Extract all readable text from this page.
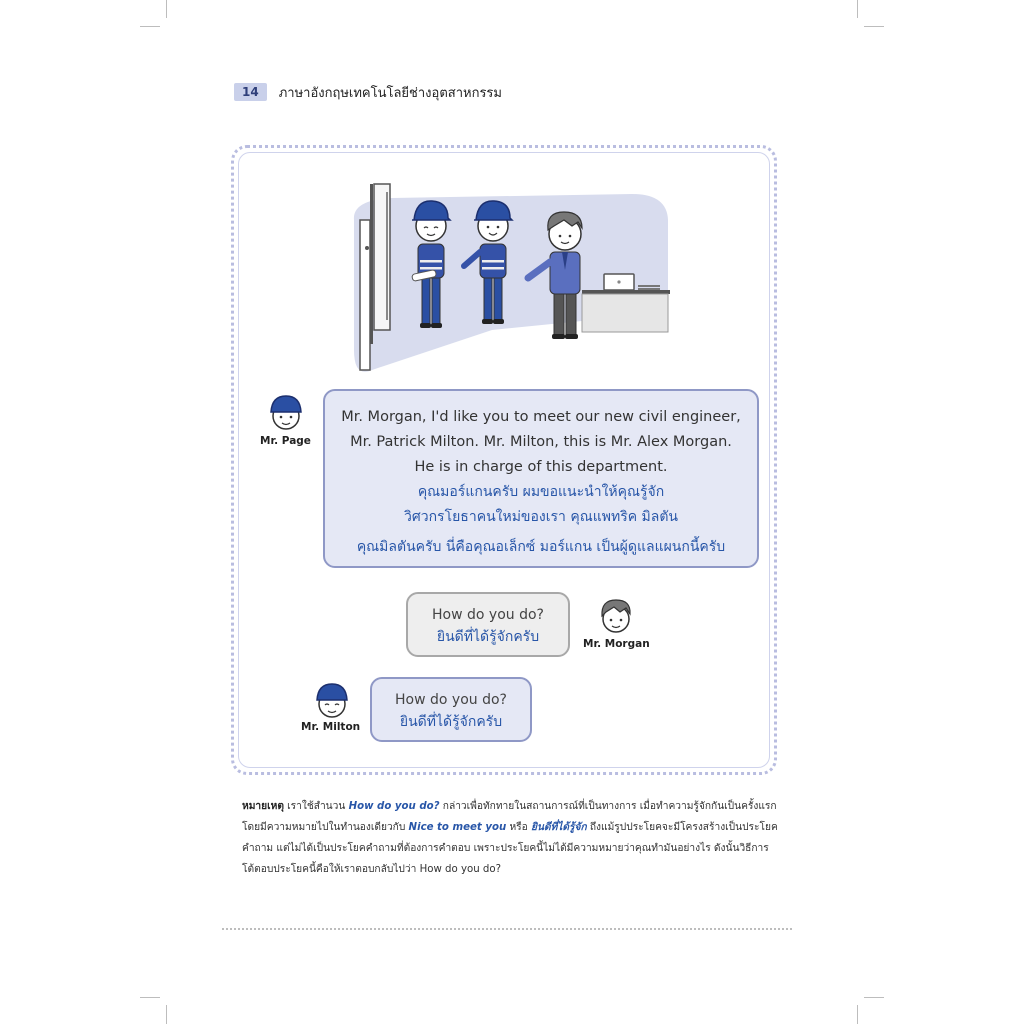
14	ภาษาอังกฤษเทคโนโลยีช่างอุตสาหกรรม
Mr. Page
Mr. Morgan, I'd like you to meet our new civil engineer,
Mr. Patrick Milton. Mr. Milton, this is Mr. Alex Morgan.
He is in charge of this department.
คุณมอร์แกนครับ ผมขอแนะนำให้คุณรู้จัก
วิศวกรโยธาคนใหม่ของเรา คุณแพทริค มิลตัน
คุณมิลตันครับ นี่คือคุณอเล็กซ์ มอร์แกน เป็นผู้ดูแลแผนกนี้ครับ
How do you do?
ยินดีที่ได้รู้จักครับ	Mr. Morgan
Mr. Milton
How do you do?
ยินดีที่ได้รู้จักครับ
หมายเหตุ เราใช้สำนวน How do you do? กล่าวเพื่อทักทายในสถานการณ์ที่เป็นทางการ เมื่อทำความรู้จักกันเป็นครั้งแรก โดยมีความหมายไปในทำนองเดียวกับ Nice to meet you หรือ ยินดีที่ได้รู้จัก ถึงแม้รูปประโยคจะมีโครงสร้างเป็นประโยคคำถาม แต่ไม่ได้เป็นประโยคคำถามที่ต้องการคำตอบ เพราะประโยคนี้ไม่ได้มีความหมายว่าคุณทำมันอย่างไร ดังนั้นวิธีการโต้ตอบประโยคนี้คือให้เราตอบกลับไปว่า How do you do?
